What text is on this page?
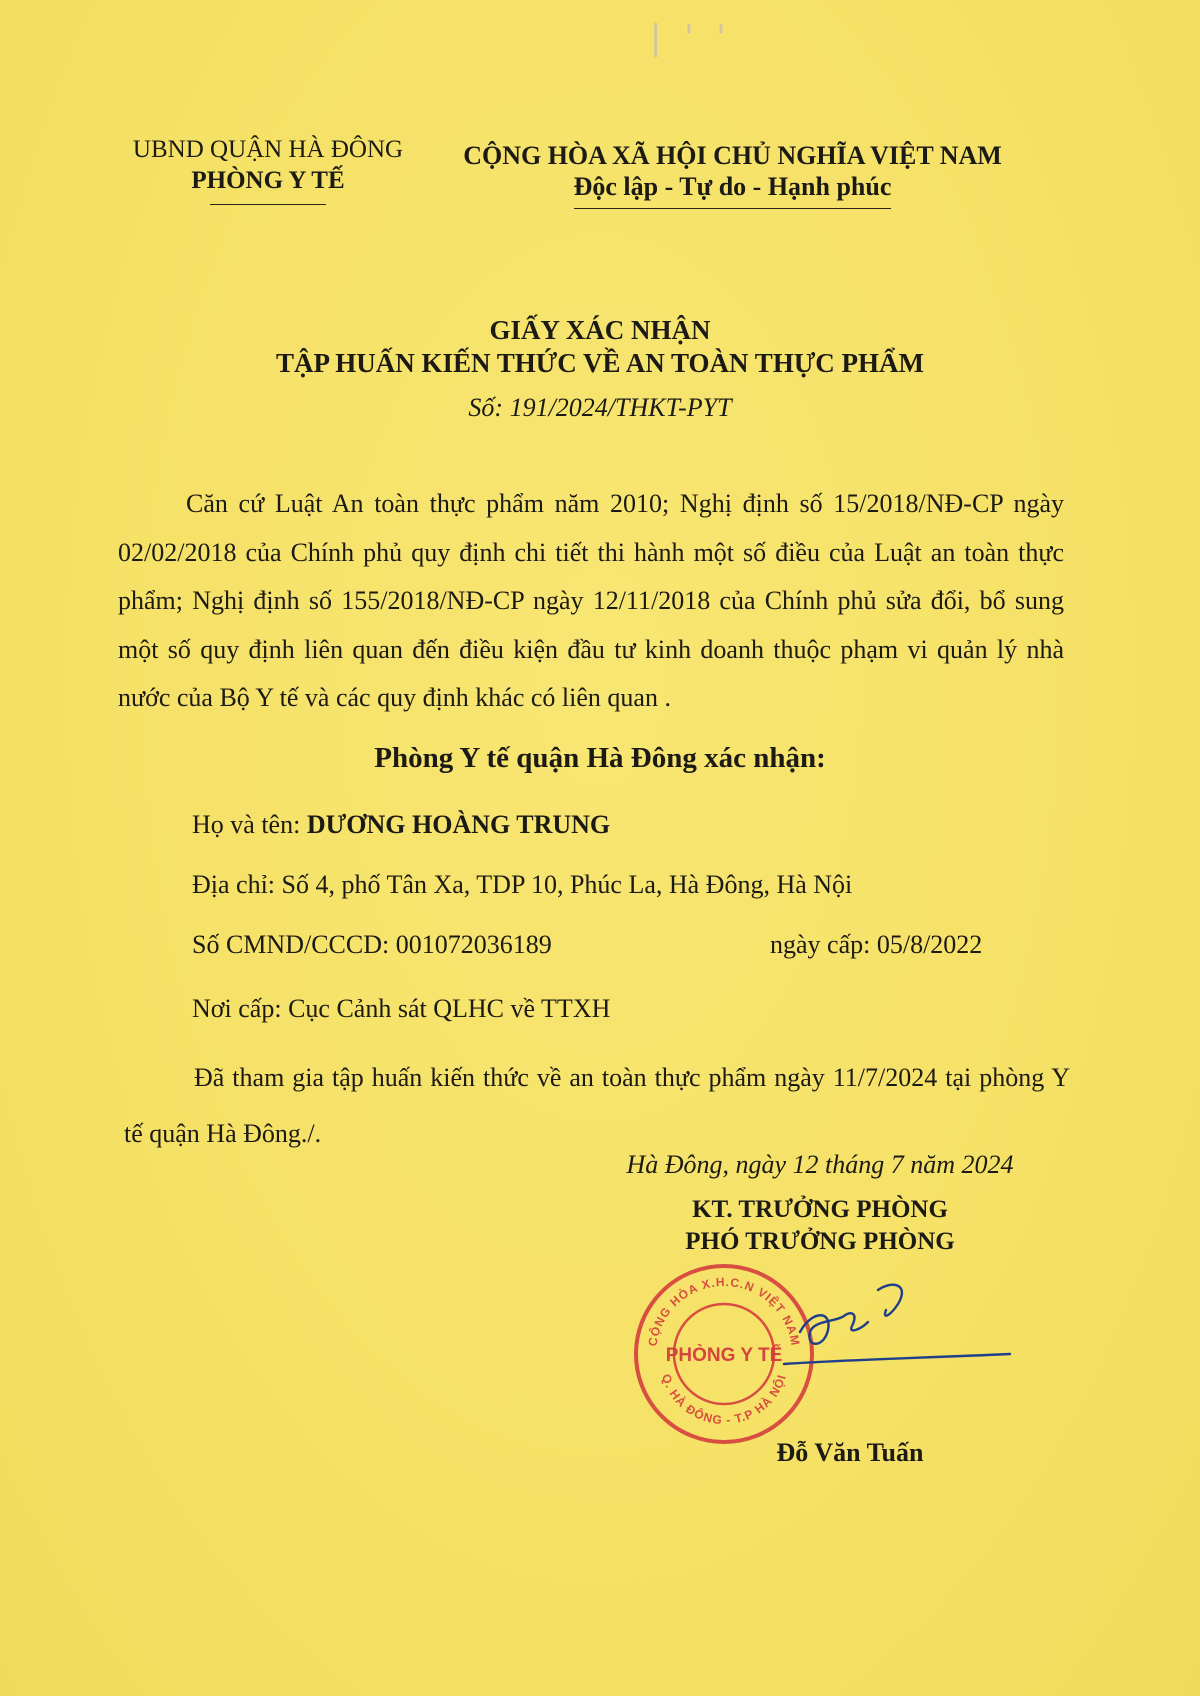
| ' '
UBND QUẬN HÀ ĐÔNG
PHÒNG Y TẾ
CỘNG HÒA XÃ HỘI CHỦ NGHĨA VIỆT NAM
Độc lập - Tự do - Hạnh phúc
GIẤY XÁC NHẬN
TẬP HUẤN KIẾN THỨC VỀ AN TOÀN THỰC PHẨM
Số: 191/2024/THKT-PYT
Căn cứ Luật An toàn thực phẩm năm 2010; Nghị định số 15/2018/NĐ-CP ngày 02/02/2018 của Chính phủ quy định chi tiết thi hành một số điều của Luật an toàn thực phẩm; Nghị định số 155/2018/NĐ-CP ngày 12/11/2018 của Chính phủ sửa đổi, bổ sung một số quy định liên quan đến điều kiện đầu tư kinh doanh thuộc phạm vi quản lý nhà nước của Bộ Y tế và các quy định khác có liên quan .
Phòng Y tế quận Hà Đông xác nhận:
Họ và tên: DƯƠNG HOÀNG TRUNG
Địa chỉ: Số 4, phố Tân Xa, TDP 10, Phúc La, Hà Đông, Hà Nội
Số CMND/CCCD: 001072036189	ngày cấp: 05/8/2022
Nơi cấp: Cục Cảnh sát QLHC về TTXH
Đã tham gia tập huấn kiến thức về an toàn thực phẩm ngày 11/7/2024 tại phòng Y tế quận Hà Đông./.
Hà Đông, ngày 12 tháng 7 năm 2024
KT. TRƯỞNG PHÒNG
PHÓ TRƯỞNG PHÒNG
CỘNG HÒA X.H.C.N VIỆT NAM
Q. HÀ ĐÔNG - T.P HÀ NỘI
PHÒNG Y TẾ
Đỗ Văn Tuấn
